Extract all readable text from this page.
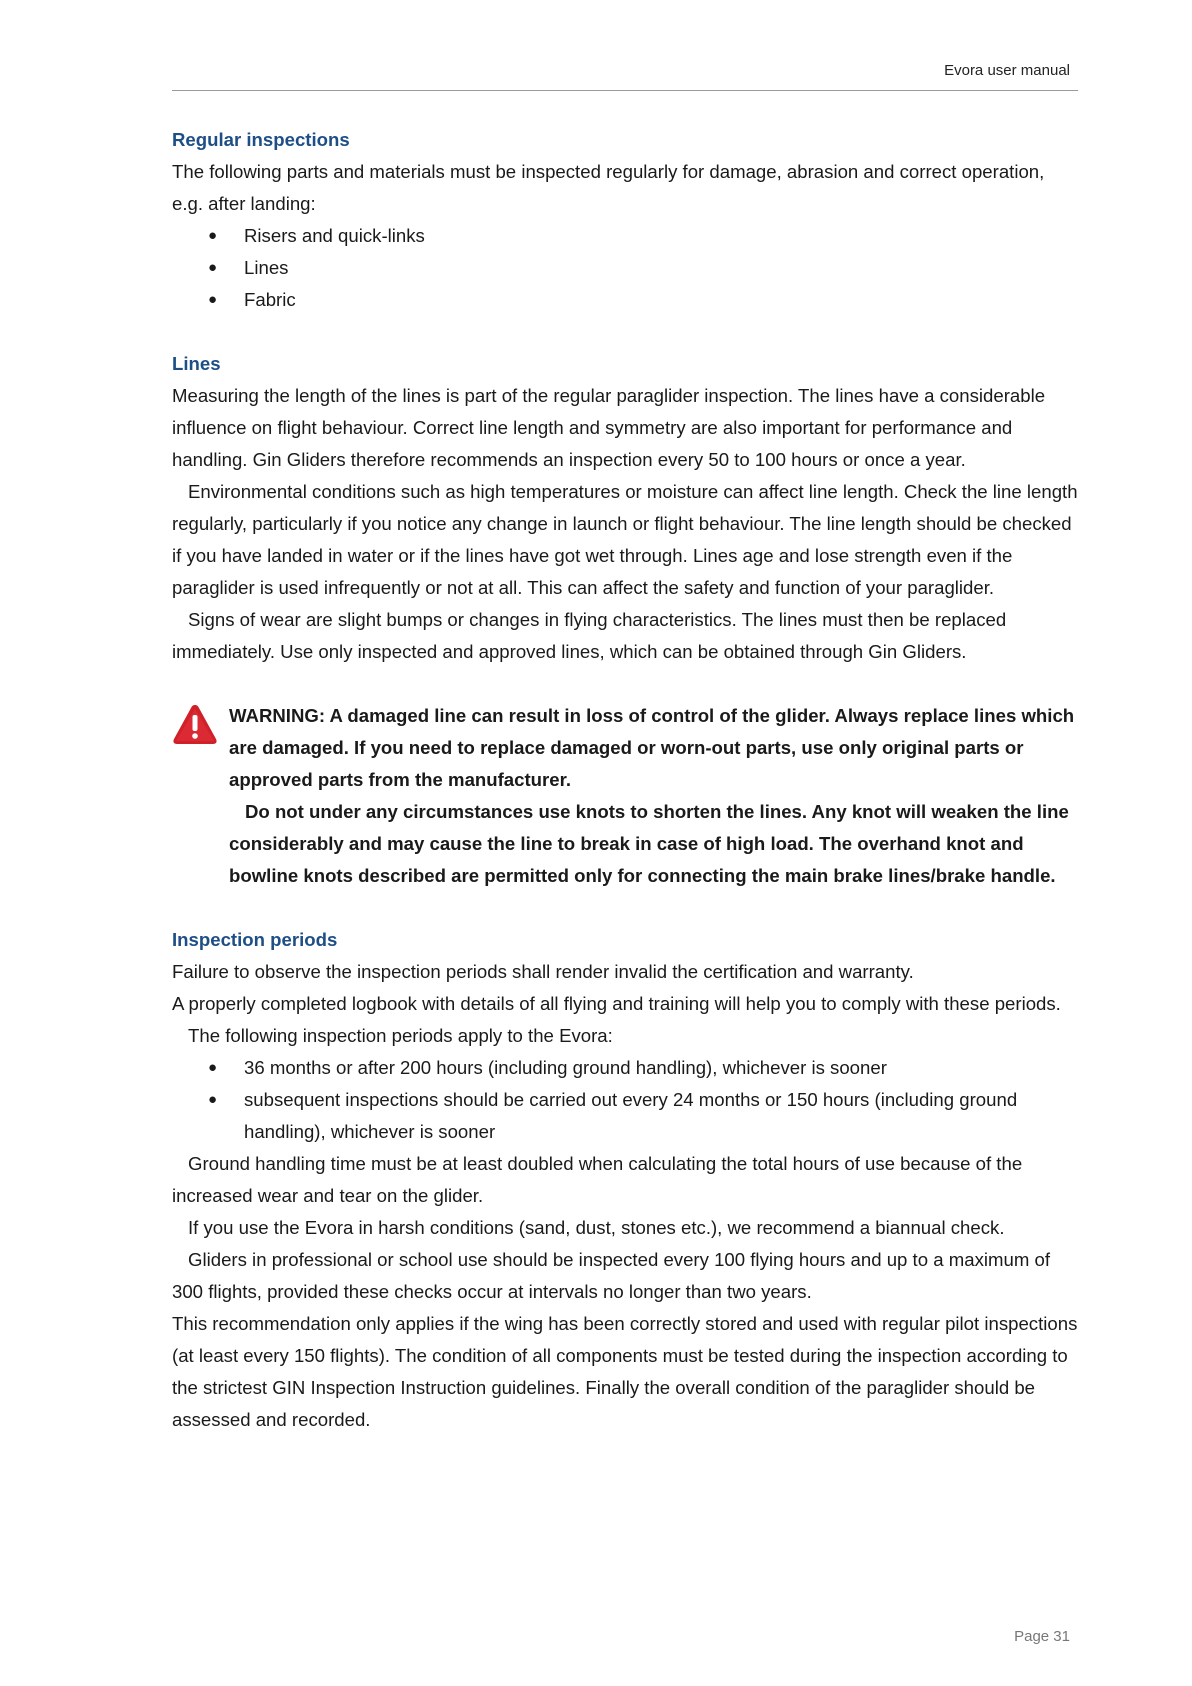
Evora user manual
Regular inspections

The following parts and materials must be inspected regularly for damage, abrasion and correct operation, e.g. after landing:

● Risers and quick-links
● Lines
● Fabric
Lines

Measuring the length of the lines is part of the regular paraglider inspection. The lines have a considerable influence on flight behaviour. Correct line length and symmetry are also important for performance and handling. Gin Gliders therefore recommends an inspection every 50 to 100 hours or once a year.

Environmental conditions such as high temperatures or moisture can affect line length. Check the line length regularly, particularly if you notice any change in launch or flight behaviour. The line length should be checked if you have landed in water or if the lines have got wet through. Lines age and lose strength even if the paraglider is used infrequently or not at all. This can affect the safety and function of your paraglider.

Signs of wear are slight bumps or changes in flying characteristics. The lines must then be replaced immediately. Use only inspected and approved lines, which can be obtained through Gin Gliders.

WARNING: A damaged line can result in loss of control of the glider. Always replace lines which are damaged. If you need to replace damaged or worn-out parts, use only original parts or approved parts from the manufacturer.

Do not under any circumstances use knots to shorten the lines. Any knot will weaken the line considerably and may cause the line to break in case of high load. The overhand knot and bowline knots described are permitted only for connecting the main brake lines/brake handle.

Inspection periods

Failure to observe the inspection periods shall render invalid the certification and warranty.

A properly completed logbook with details of all flying and training will help you to comply with these periods.

The following inspection periods apply to the Evora:

● 36 months or after 200 hours (including ground handling), whichever is sooner
● subsequent inspections should be carried out every 24 months or 150 hours (including ground handling), whichever is sooner

Ground handling time must be at least doubled when calculating the total hours of use because of the increased wear and tear on the glider.

If you use the Evora in harsh conditions (sand, dust, stones etc.), we recommend a biannual check.

Gliders in professional or school use should be inspected every 100 flying hours and up to a maximum of 300 flights, provided these checks occur at intervals no longer than two years.

This recommendation only applies if the wing has been correctly stored and used with regular pilot inspections (at least every 150 flights). The condition of all components must be tested during the inspection according to the strictest GIN Inspection Instruction guidelines. Finally the overall condition of the paraglider should be assessed and recorded.

Page 31
